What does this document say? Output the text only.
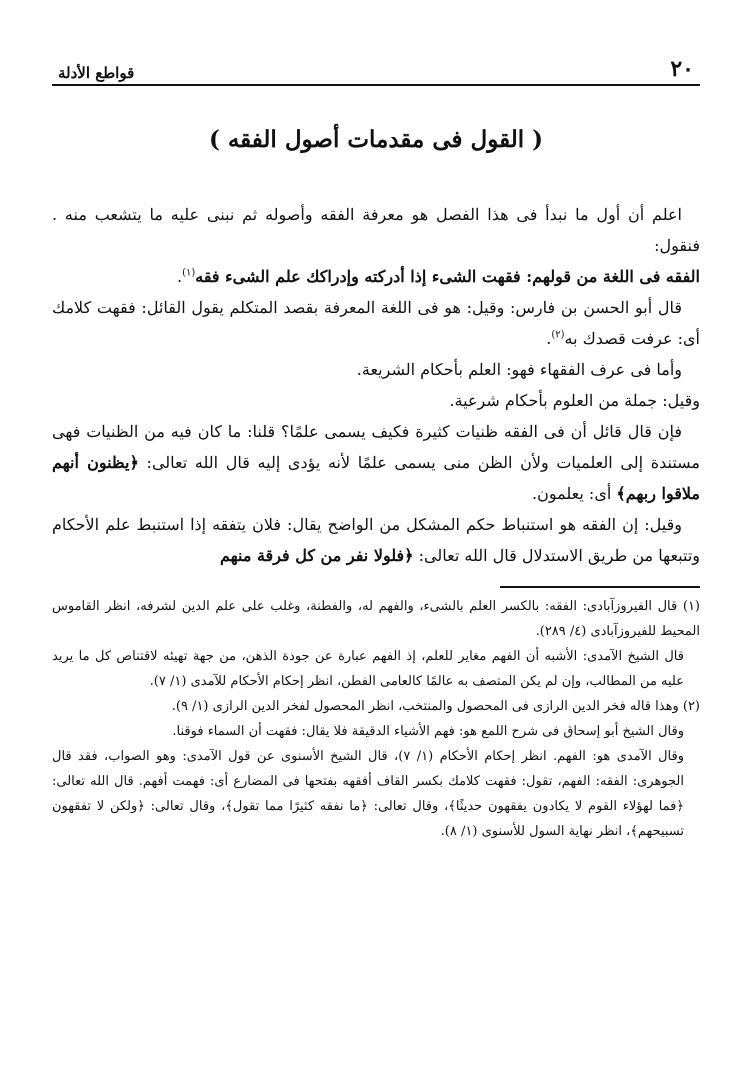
٢٠
قواطع الأدلة
( القول فى مقدمات أصول الفقه )

اعلم أن أول ما نبدأ فى هذا الفصل هو معرفة الفقه وأصوله ثم نبنى عليه ما يتشعب منه . فنقول:

الفقه فى اللغة من قولهم: فقهت الشىء إذا أدركته وإدراكك علم الشىء فقه$^{(١)}$.

قال أبو الحسن بن فارس: وقيل: هو فى اللغة المعرفة بقصد المتكلم يقول القائل: فقهت كلامك أى: عرفت قصدك به$^{(٢)}$.

وأما فى عرف الفقهاء فهو: العلم بأحكام الشريعة.

وقيل: جملة من العلوم بأحكام شرعية.

فإن قال قائل أن فى الفقه ظنيات كثيرة فكيف يسمى علمًا؟ قلنا: ما كان فيه من الظنيات فهى مستندة إلى العلميات ولأن الظن منى يسمى علمًا لأنه يؤدى إليه قال الله تعالى: ﴿يظنون أنهم ملاقوا ربهم﴾ أى: يعلمون.

وقيل: إن الفقه هو استنباط حكم المشكل من الواضح يقال: فلان يتفقه إذا استنبط علم الأحكام وتتبعها من طريق الاستدلال قال الله تعالى: ﴿فلولا نفر من كل فرقة منهم

(١) قال الفيروزآبادى: الفقه: بالكسر العلم بالشىء، والفهم له، والفطنة، وغلب على علم الدين لشرفه، انظر القاموس المحيط للفيروزآبادى (٤/ ٢٨٩).

قال الشيخ الآمدى: الأشبه أن الفهم مغاير للعلم، إذ الفهم عبارة عن جودة الذهن، من جهة تهيئه لاقتناص كل ما يريد عليه من المطالب، وإن لم يكن المتصف به عالمًا كالعامى الفطن، انظر إحكام الأحكام للآمدى (١/ ٧).

(٢) وهذا قاله فخر الدين الرازى فى المحصول والمنتخب، انظر المحصول لفخر الدين الرازى (١/ ٩).

وقال الشيخ أبو إسحاق فى شرح اللمع هو: فهم الأشياء الدقيقة فلا يقال: فقهت أن السماء فوقنا.

وقال الآمدى هو: الفهم. انظر إحكام الأحكام (١/ ٧)، قال الشيخ الأسنوى عن قول الآمدى: وهو الصواب، فقد قال الجوهرى: الفقه: الفهم، تقول: فقهت كلامك بكسر القاف أفقهه بفتحها فى المضارع أى: فهمت أفهم. قال الله تعالى: ﴿فما لهؤلاء القوم لا يكادون يفقهون حديثًا﴾، وقال تعالى: ﴿ما نفقه كثيرًا مما تقول﴾، وقال تعالى: ﴿ولكن لا تفقهون تسبيحهم﴾، انظر نهاية السول للأسنوى (١/ ٨).
